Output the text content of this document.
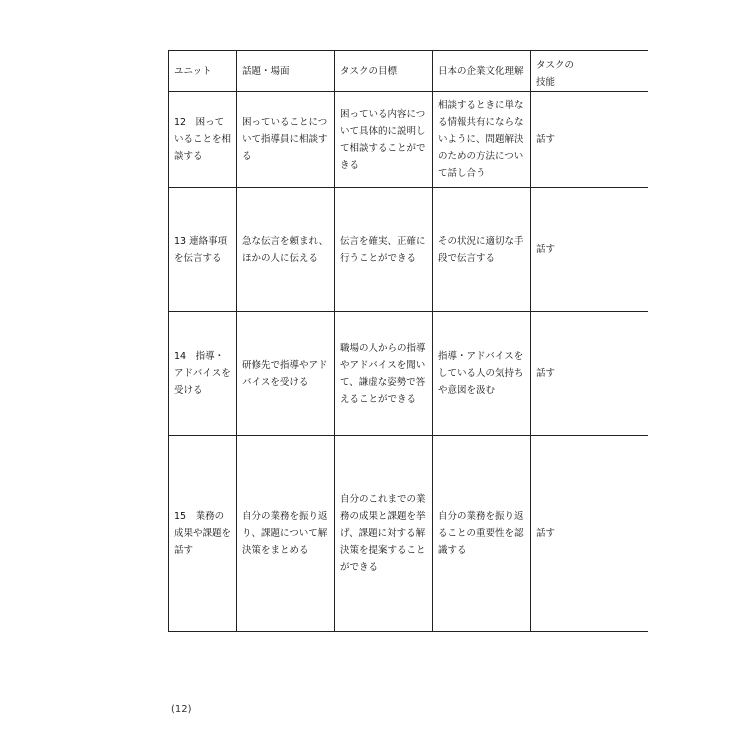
ユニット	話題・場面	タスクの目標	日本の企業文化理解	タスクの
技能

12　困っていることを相談する	困っていることについて指導員に相談する	困っている内容について具体的に説明して相談することができる	相談するときに単なる情報共有にならないように、問題解決のための方法について話し合う	話す
13 連絡事項を伝言する	急な伝言を頼まれ、ほかの人に伝える	伝言を確実、正確に行うことができる	その状況に適切な手段で伝言する	話す
14　指導・アドバイスを受ける	研修先で指導やアドバイスを受ける	職場の人からの指導やアドバイスを聞いて、謙虚な姿勢で答えることができる	指導・アドバイスをしている人の気持ちや意図を汲む	話す
15　業務の成果や課題を話す	自分の業務を振り返り、課題について解決策をまとめる	自分のこれまでの業務の成果と課題を挙げ、課題に対する解決策を提案することができる	自分の業務を振り返ることの重要性を認識する	話す
(12)
